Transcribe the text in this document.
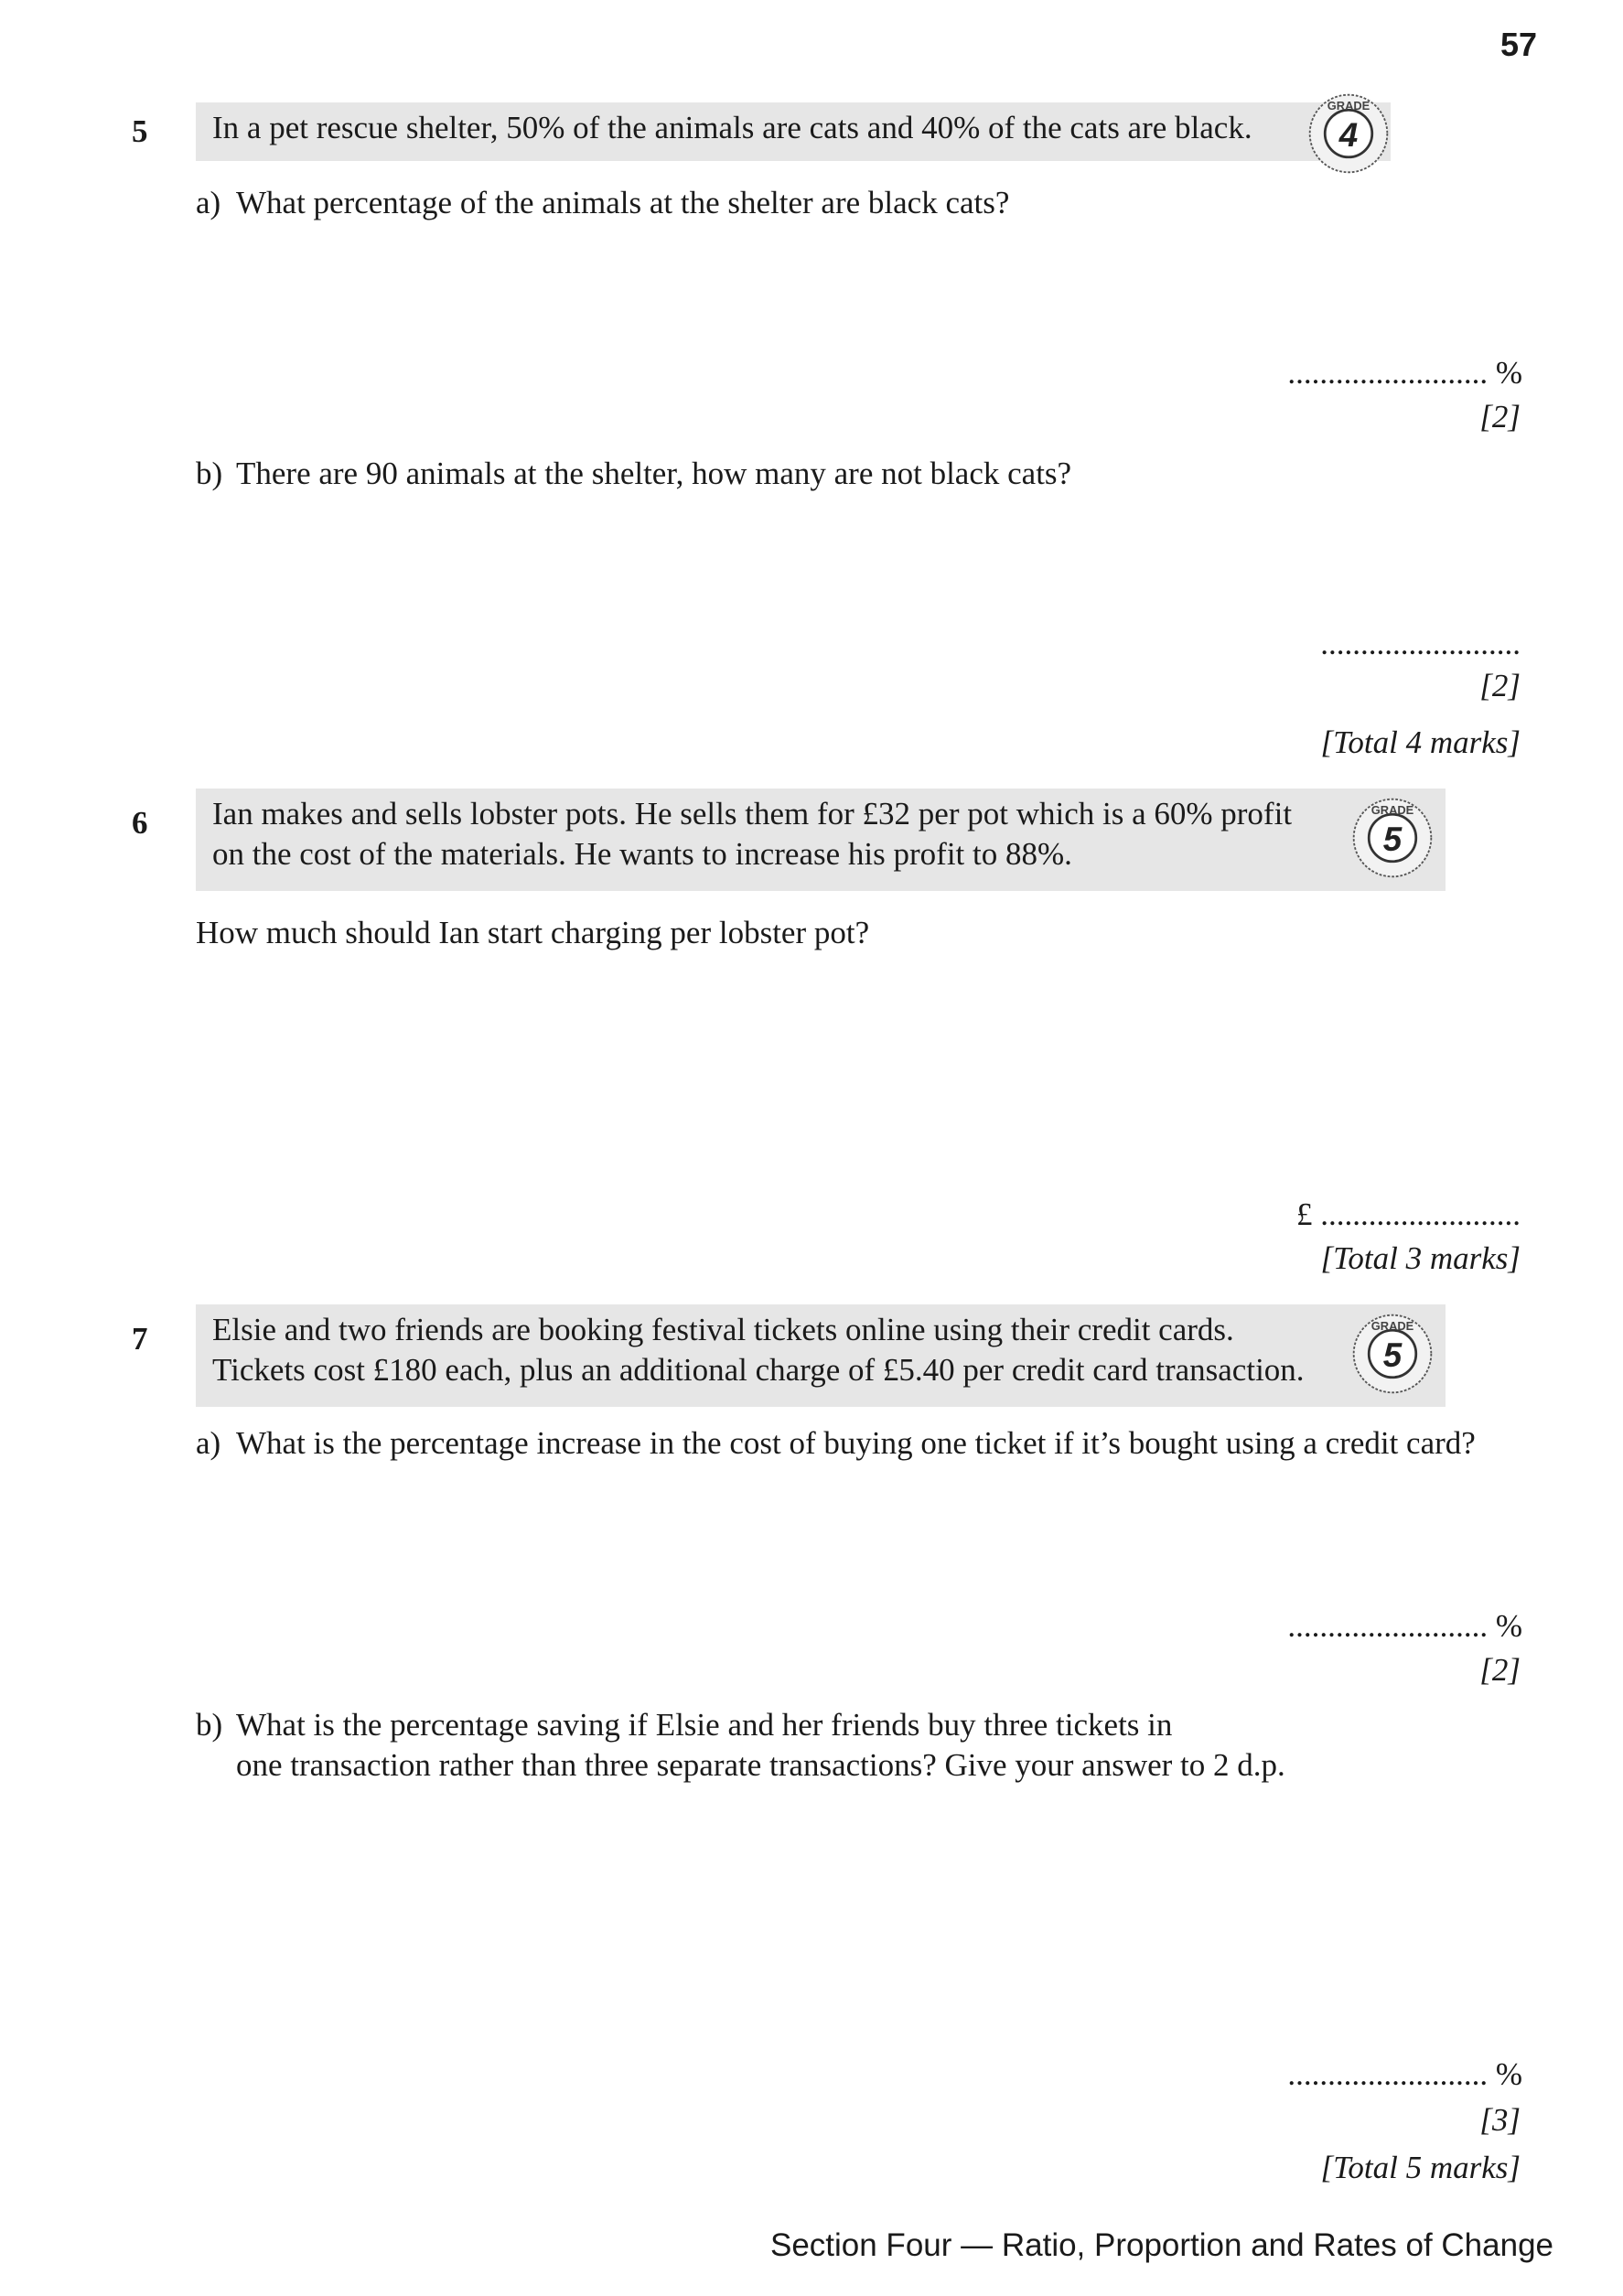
57
5	In a pet rescue shelter, 50% of the animals are cats and 40% of the cats are black.
GRADE
4
a) What percentage of the animals at the shelter are black cats?
......................... %
[2]
b) There are 90 animals at the shelter, how many are not black cats?
.........................
[2]
[Total 4 marks]
6 Ian makes and sells lobster pots. He sells them for £32 per pot which is a 60% profit
on the cost of the materials. He wants to increase his profit to 88%.
GRADE
5
How much should Ian start charging per lobster pot?
£ .........................
[Total 3 marks]
7 Elsie and two friends are booking festival tickets online using their credit cards.
Tickets cost £180 each, plus an additional charge of £5.40 per credit card transaction.
GRADE
5
a) What is the percentage increase in the cost of buying one ticket if it’s bought using a credit card?
......................... %
[2]
b) What is the percentage saving if Elsie and her friends buy three tickets in
one transaction rather than three separate transactions? Give your answer to 2 d.p.
......................... %
[3]
[Total 5 marks]
Section Four — Ratio, Proportion and Rates of Change
